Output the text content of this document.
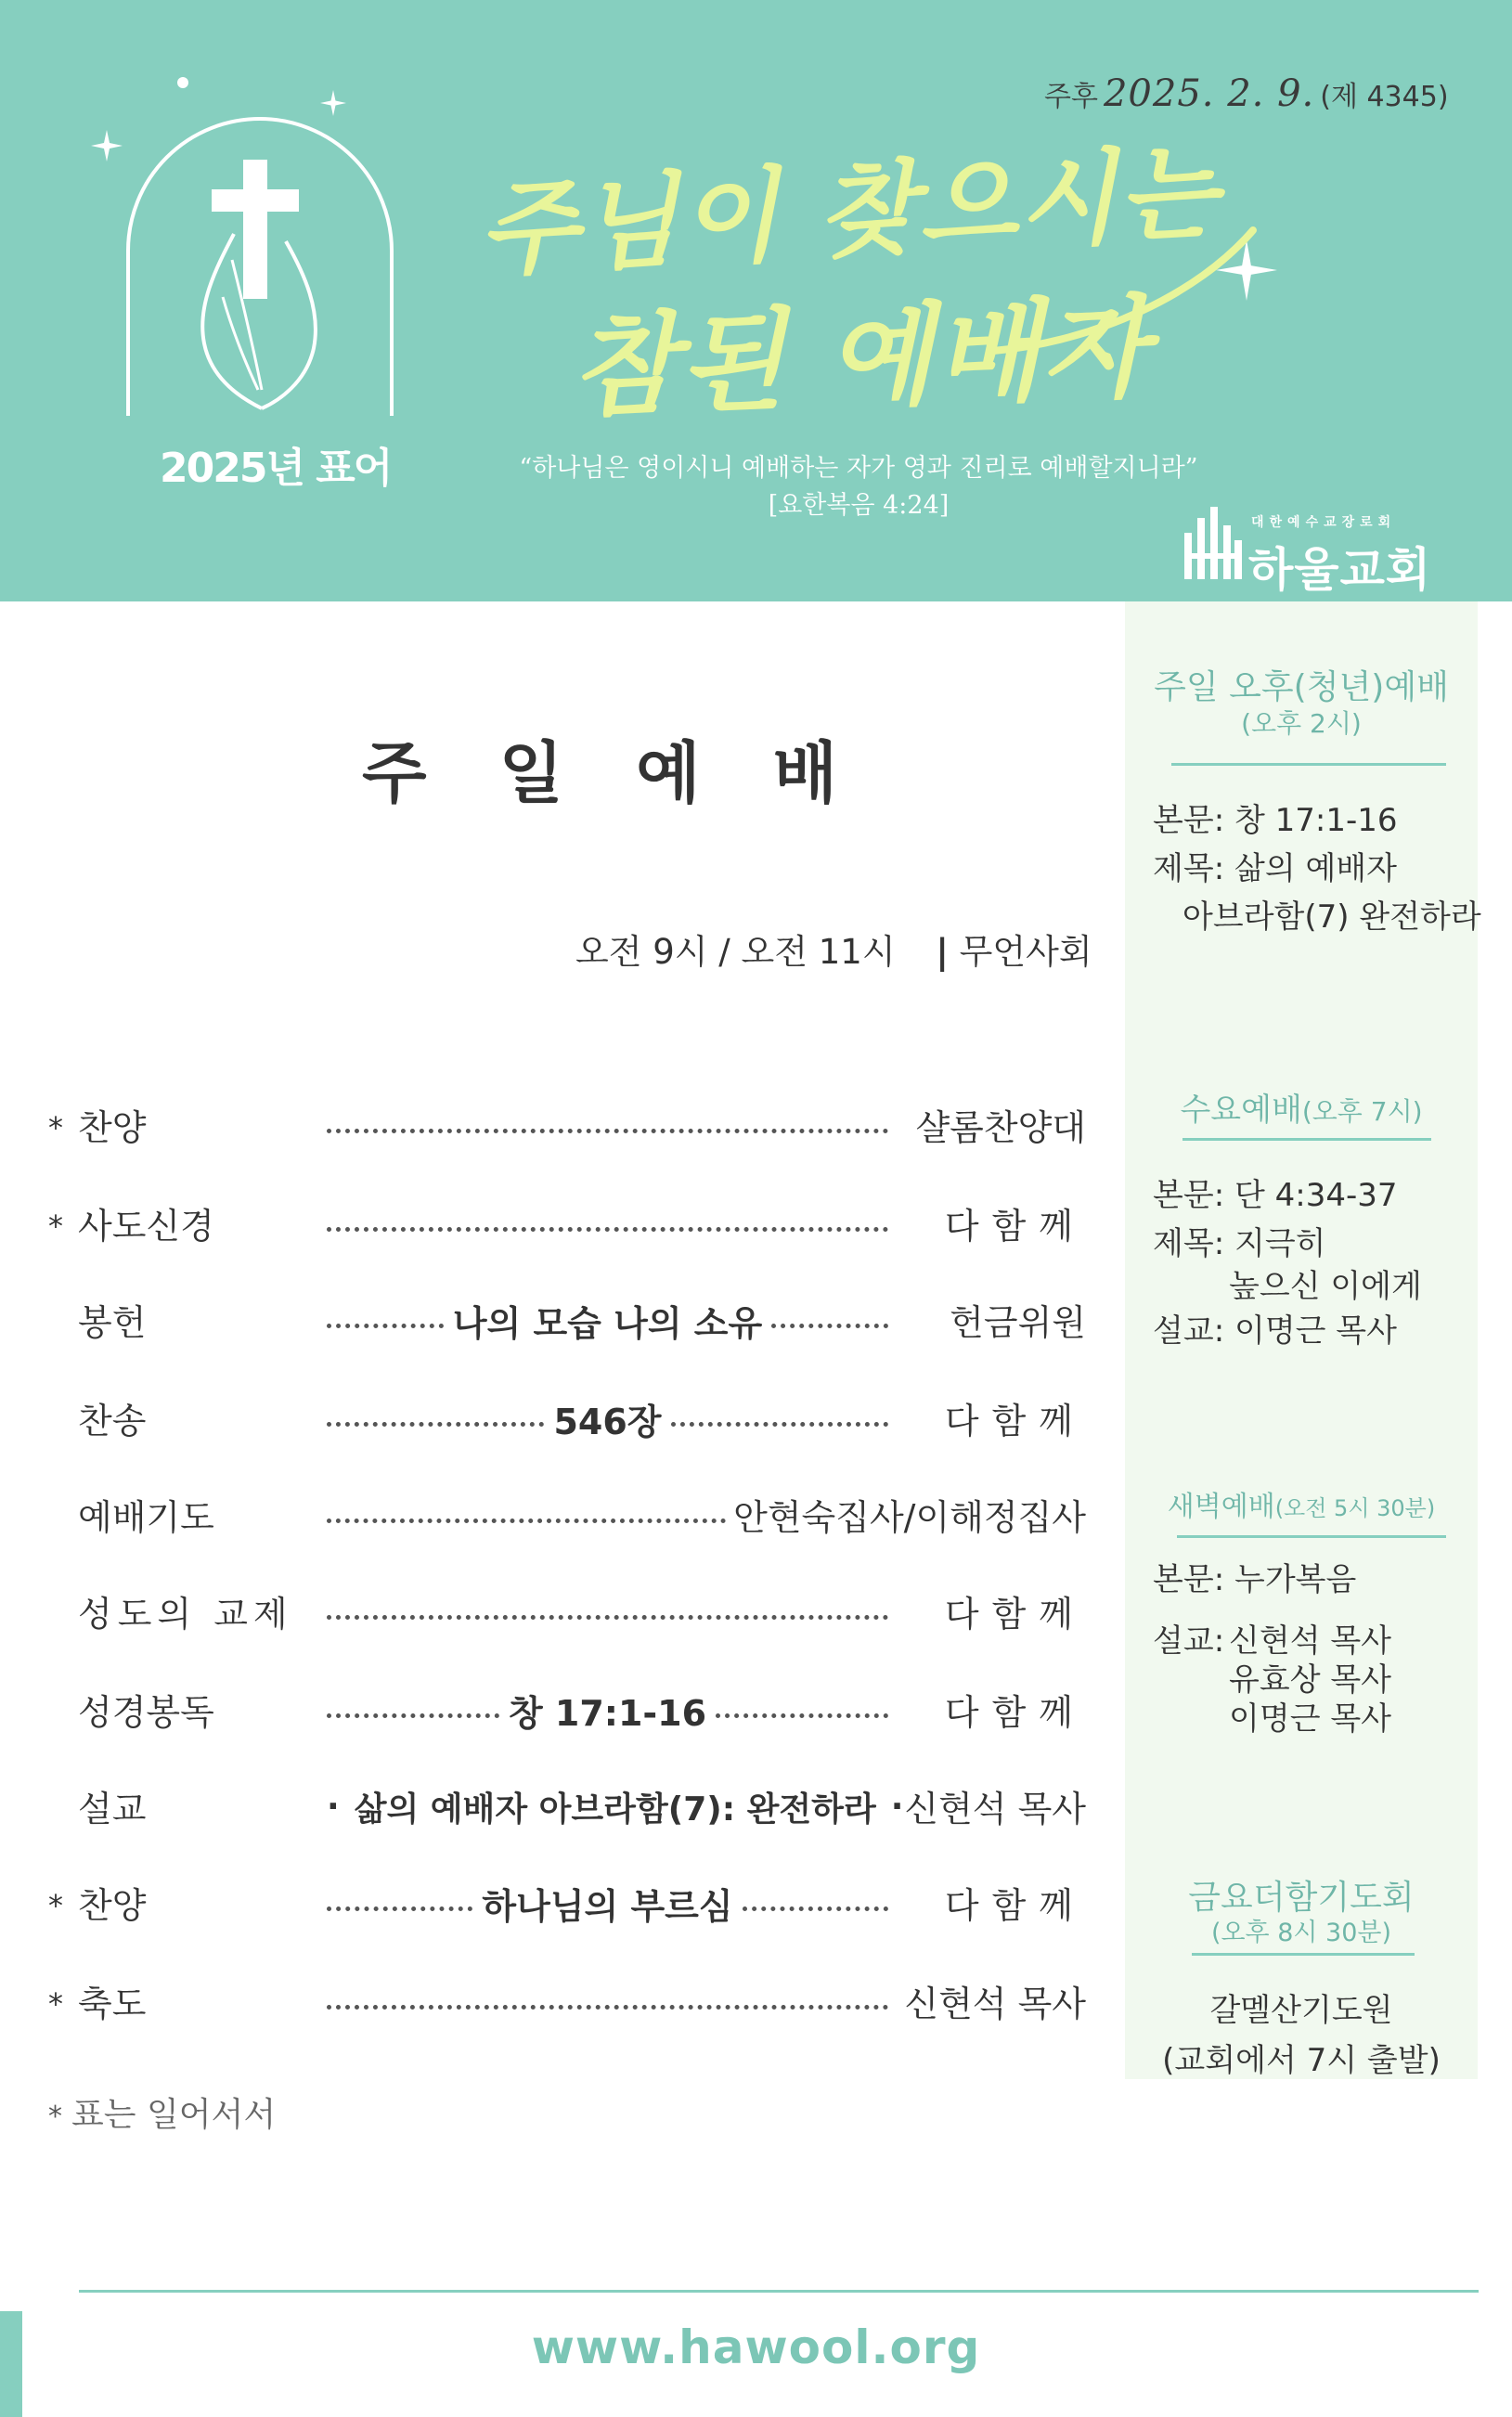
주후 2025. 2. 9. (제 4345)
주님이 찾으시는
참된 예배자
2025년 표어	“하나님은 영이시니 예배하는 자가 영과 진리로 예배할지니라”
[요한복음 4:24]
대한예수교장로회
하울교회
주일예배
오전 9시 / 오전 11시 | 무언사회
* 찬양	샬롬찬양대
* 사도신경	다함께
봉헌	나의 모습 나의 소유	헌금위원
찬송	546장	다함께
예배기도	안현숙집사/이해정집사
성도의 교제	다함께
성경봉독	창 17:1-16	다함께
설교	· 삶의 예배자 아브라함(7): 완전하라 · 신현석 목사
* 찬양	하나님의 부르심	다함께
* 축도	신현석 목사
* 표는 일어서서
주일 오후(청년)예배
(오후 2시)
본문: 창 17:1-16
제목: 삶의 예배자
아브라함(7) 완전하라
수요예배(오후 7시)
본문: 단 4:34-37
제목: 지극히
높으신 이에게
설교: 이명근 목사
새벽예배(오전 5시 30분)
본문: 누가복음
설교: 신현석 목사
유효상 목사
이명근 목사
금요더함기도회
(오후 8시 30분)
갈멜산기도원
(교회에서 7시 출발)
www.hawool.org
